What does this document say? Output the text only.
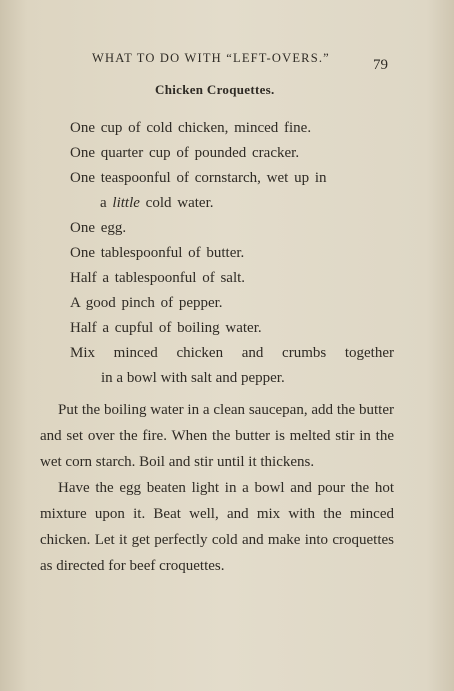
WHAT TO DO WITH “LEFT-OVERS.”	79
Chicken Croquettes.
One cup of cold chicken, minced fine.
One quarter cup of pounded cracker.
One teaspoonful of cornstarch, wet up in
a little cold water.
One egg.
One tablespoonful of butter.
Half a tablespoonful of salt.
A good pinch of pepper.
Half a cupful of boiling water.
Mix minced chicken and crumbs together
in a bowl with salt and pepper.
Put the boiling water in a clean saucepan, add the butter and set over the fire. When the butter is melted stir in the wet corn starch. Boil and stir until it thickens.
Have the egg beaten light in a bowl and pour the hot mixture upon it. Beat well, and mix with the minced chicken. Let it get perfectly cold and make into croquettes as directed for beef croquettes.
